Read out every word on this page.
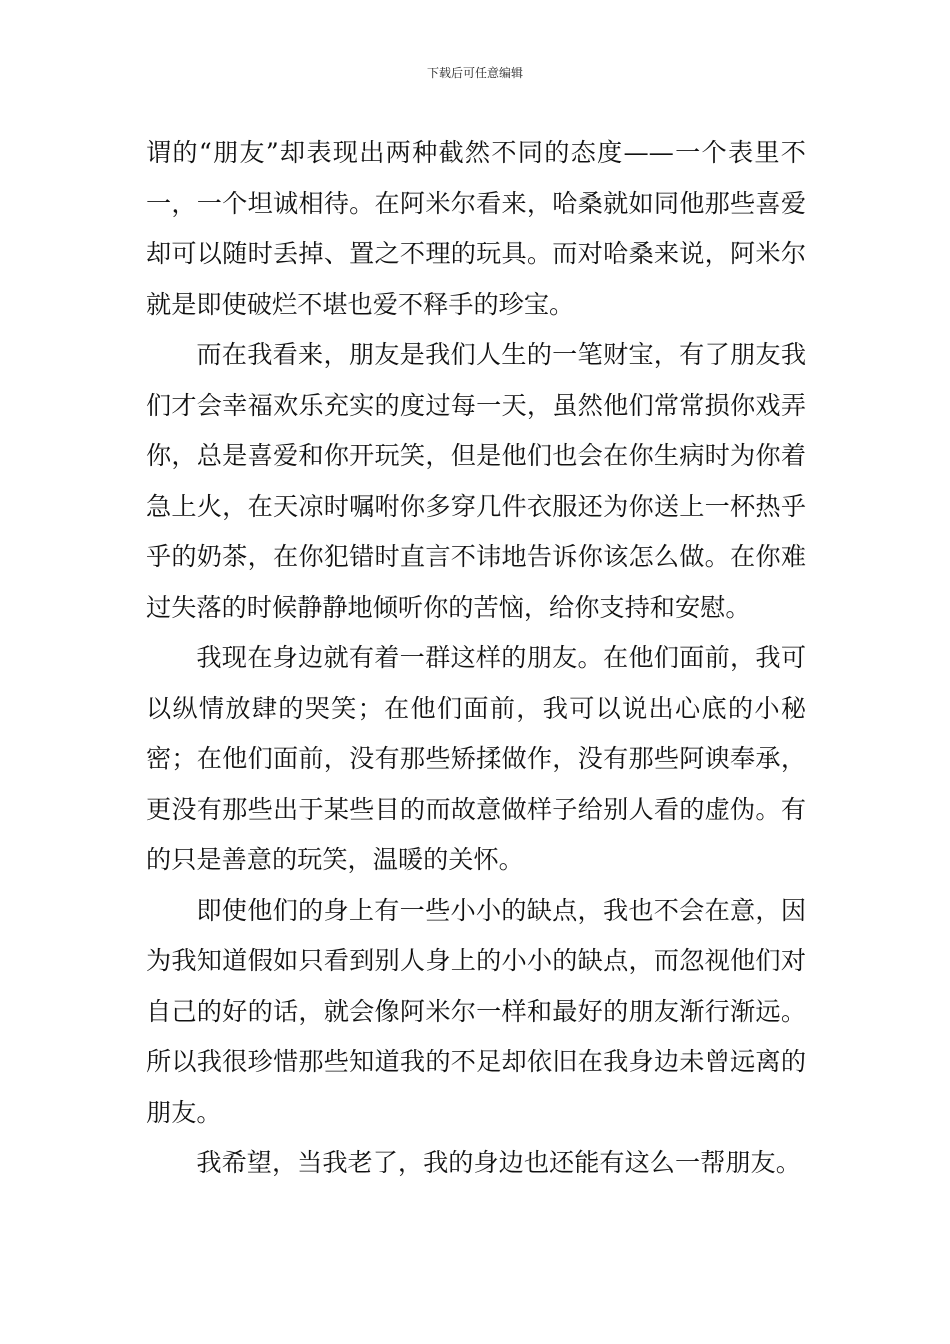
下载后可任意编辑

谓的“朋友”却表现出两种截然不同的态度——一个表里不一，一个坦诚相待。在阿米尔看来，哈桑就如同他那些喜爱却可以随时丢掉、置之不理的玩具。而对哈桑来说，阿米尔就是即使破烂不堪也爱不释手的珍宝。

而在我看来，朋友是我们人生的一笔财宝，有了朋友我们才会幸福欢乐充实的度过每一天，虽然他们常常损你戏弄你，总是喜爱和你开玩笑，但是他们也会在你生病时为你着急上火，在天凉时嘱咐你多穿几件衣服还为你送上一杯热乎乎的奶茶，在你犯错时直言不讳地告诉你该怎么做。在你难过失落的时候静静地倾听你的苦恼，给你支持和安慰。

我现在身边就有着一群这样的朋友。在他们面前，我可以纵情放肆的哭笑；在他们面前，我可以说出心底的小秘密；在他们面前，没有那些矫揉做作，没有那些阿谀奉承，更没有那些出于某些目的而故意做样子给别人看的虚伪。有的只是善意的玩笑，温暖的关怀。

即使他们的身上有一些小小的缺点，我也不会在意，因为我知道假如只看到别人身上的小小的缺点，而忽视他们对自己的好的话，就会像阿米尔一样和最好的朋友渐行渐远。所以我很珍惜那些知道我的不足却依旧在我身边未曾远离的朋友。

我希望，当我老了，我的身边也还能有这么一帮朋友。
